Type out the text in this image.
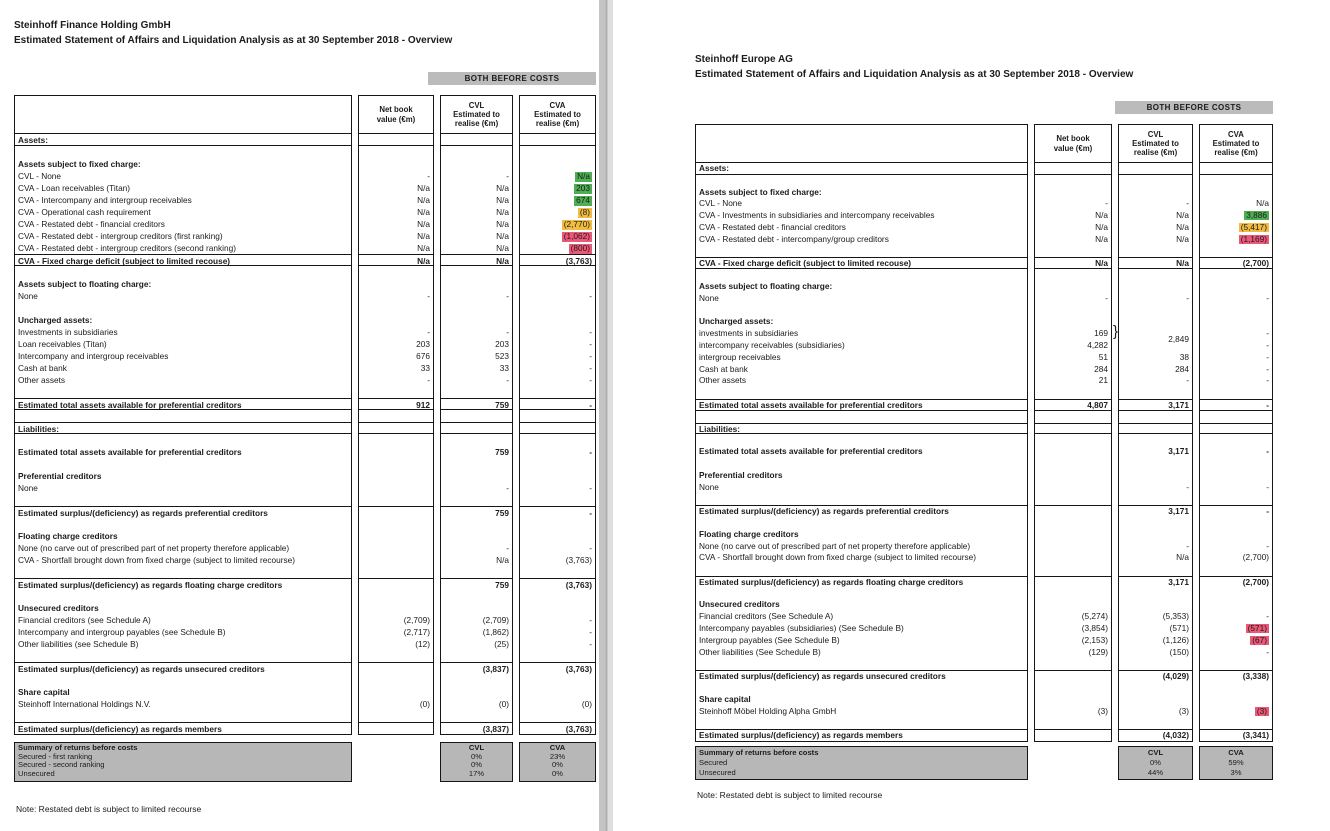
Steinhoff Finance Holding GmbH
Estimated Statement of Affairs and Liquidation Analysis as at 30 September 2018 - Overview
BOTH BEFORE COSTS
Assets:
Assets subject to fixed charge:
CVL - None
CVA - Loan receivables (Titan)
CVA - Intercompany and intergroup receivables
CVA - Operational cash requirement
CVA - Restated debt - financial creditors
CVA - Restated debt - intergroup creditors (first ranking)
CVA - Restated debt - intergroup creditors (second ranking)
CVA - Fixed charge deficit (subject to limited recouse)
Assets subject to floating charge:
None
Uncharged assets:
Investments in subsidiaries
Loan receivables (Titan)
Intercompany and intergroup receivables
Cash at bank
Other assets
Estimated total assets available for preferential creditors
Liabilities:
Estimated total assets available for preferential creditors
Preferential creditors
None
Estimated surplus/(deficiency) as regards preferential creditors
Floating charge creditors
None (no carve out of prescribed part of net property therefore applicable)
CVA - Shortfall brought down from fixed charge (subject to limited recourse)
Estimated surplus/(deficiency) as regards floating charge creditors
Unsecured creditors
Financial creditors (see Schedule A)
Intercompany and intergroup payables (see Schedule B)
Other liabilities (see Schedule B)
Estimated surplus/(deficiency) as regards unsecured creditors
Share capital
Steinhoff International Holdings N.V.
Estimated surplus/(deficiency) as regards members
Net book
value (€m)
-
N/a
N/a
N/a
N/a
N/a
N/a
N/a
-
-
203
676
33
-
912
(2,709)
(2,717)
(12)
(0)
CVL
Estimated to
realise (€m)
-
N/a
N/a
N/a
N/a
N/a
N/a
N/a
-
-
203
523
33
-
759
759
-
759
-
N/a
759
(2,709)
(1,862)
(25)
(3,837)
(0)
(3,837)
CVA
Estimated to
realise (€m)
N/a
203
674
(8)
(2,770)
(1,062)
(800)
(3,763)
-
-
-
-
-
-
-
-
-
-
-
(3,763)
(3,763)
-
-
-
(3,763)
(0)
(3,763)
Summary of returns before costs
Secured - first ranking
Secured - second ranking
Unsecured
CVL
0%
0%
17%
CVA
23%
0%
0%
Note: Restated debt is subject to limited recourse
Steinhoff Europe AG
Estimated Statement of Affairs and Liquidation Analysis as at 30 September 2018 - Overview
BOTH BEFORE COSTS
Assets:
Assets subject to fixed charge:
CVL - None
CVA - Investments in subsidiaries and intercompany receivables
CVA - Restated debt - financial creditors
CVA - Restated debt - intercompany/group creditors
CVA - Fixed charge deficit (subject to limited recouse)
Assets subject to floating charge:
None
Uncharged assets:
investments in subsidiaries
intercompany receivables (subsidiaries)
intergroup receivables
Cash at bank
Other assets
Estimated total assets available for preferential creditors
Liabilities:
Estimated total assets available for preferential creditors
Preferential creditors
None
Estimated surplus/(deficiency) as regards preferential creditors
Floating charge creditors
None (no carve out of prescribed part of net property therefore applicable)
CVA - Shortfall brought down from fixed charge (subject to limited recourse)
Estimated surplus/(deficiency) as regards floating charge creditors
Unsecured creditors
Financial creditors (See Schedule A)
Intercompany payables (subsidiaries) (See Schedule B)
Intergroup payables (See Schedule B)
Other liabilities (See Schedule B)
Estimated surplus/(deficiency) as regards unsecured creditors
Share capital
Steinhoff Möbel Holding Alpha GmbH
Estimated surplus/(deficiency) as regards members
Net book
value (€m)
-
N/a
N/a
N/a
N/a
-
169 }
4,282
51
284
21
4,807
(5,274)
(3,854)
(2,153)
(129)
(3)
CVL
Estimated to
realise (€m)
-
N/a
N/a
N/a
N/a
-
2,849
38
284
-
3,171
3,171
-
3,171
-
N/a
3,171
(5,353)
(571)
(1,126)
(150)
(4,029)
(3)
(4,032)
CVA
Estimated to
realise (€m)
N/a
3,886
(5,417)
(1,169)
(2,700)
-
-
-
-
-
-
-
-
-
-
-
(2,700)
(2,700)
-
(571)
(67)
-
(3,338)
(3)
(3,341)
Summary of returns before costs
Secured
Unsecured
CVL
0%
44%
CVA
59%
3%
Note: Restated debt is subject to limited recourse
